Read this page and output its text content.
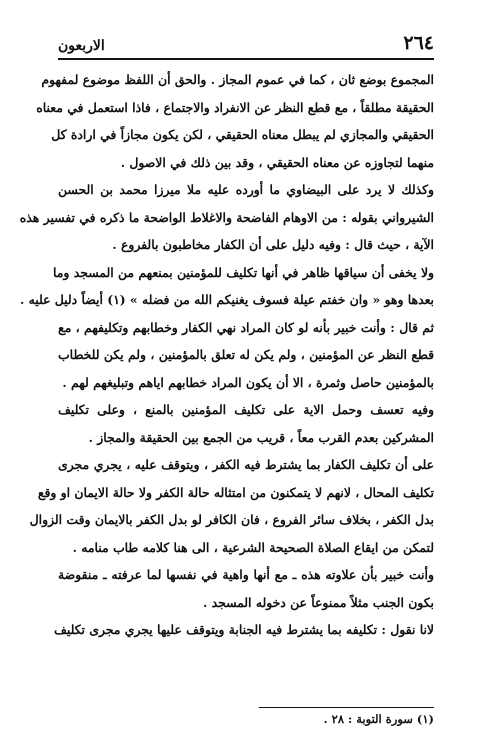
٢٦٤
الاربعون
المجموع بوضع ثان ، كما في عموم المجاز . والحق أن اللفظ موضوع لمفهوم
الحقيقة مطلقاً ، مع قطع النظر عن الانفراد والاجتماع ، فاذا استعمل في معناه
الحقيقي والمجازي لم يبطل معناه الحقيقي ، لكن يكون مجازاً في ارادة كل
منهما لتجاوزه عن معناه الحقيقي ، وقد بين ذلك في الاصول .
وكذلك لا يرد على البيضاوي ما أورده عليه ملا ميرزا محمد بن الحسن
الشيرواني بقوله : من الاوهام الفاضحة والاغلاط الواضحة ما ذكره في تفسير هذه
الآية ، حيث قال : وفيه دليل على أن الكفار مخاطبون بالفروع .
ولا يخفى أن سياقها ظاهر في أنها تكليف للمؤمنين بمنعهم من المسجد وما
بعدها وهو « وان خفتم عيلة فسوف يغنيكم الله من فضله » (١) أيضاً دليل عليه .
ثم قال : وأنت خبير بأنه لو كان المراد نهي الكفار وخطابهم وتكليفهم ، مع
قطع النظر عن المؤمنين ، ولم يكن له تعلق بالمؤمنين ، ولم يكن للخطاب
بالمؤمنين حاصل وثمرة ، الا أن يكون المراد خطابهم اياهم وتبليغهم لهم .
وفيه تعسف وحمل الاية على تكليف المؤمنين بالمنع ، وعلى تكليف
المشركين بعدم القرب معاً ، قريب من الجمع بين الحقيقة والمجاز .
على أن تكليف الكفار بما يشترط فيه الكفر ، ويتوقف عليه ، يجري مجرى
تكليف المحال ، لانهم لا يتمكنون من امتثاله حالة الكفر ولا حالة الايمان او وقع
بدل الكفر ، بخلاف سائر الفروع ، فان الكافر لو بدل الكفر بالايمان وقت الزوال
لتمكن من ايقاع الصلاة الصحيحة الشرعية ، الى هنا كلامه طاب منامه .
وأنت خبير بأن علاوته هذه ـ مع أنها واهية في نفسها لما عرفته ـ منقوضة
بكون الجنب مثلاً ممنوعاً عن دخوله المسجد .
لانا نقول : تكليفه بما يشترط فيه الجنابة ويتوقف عليها يجري مجرى تكليف
(١) سورة التوبة : ٢٨ .
